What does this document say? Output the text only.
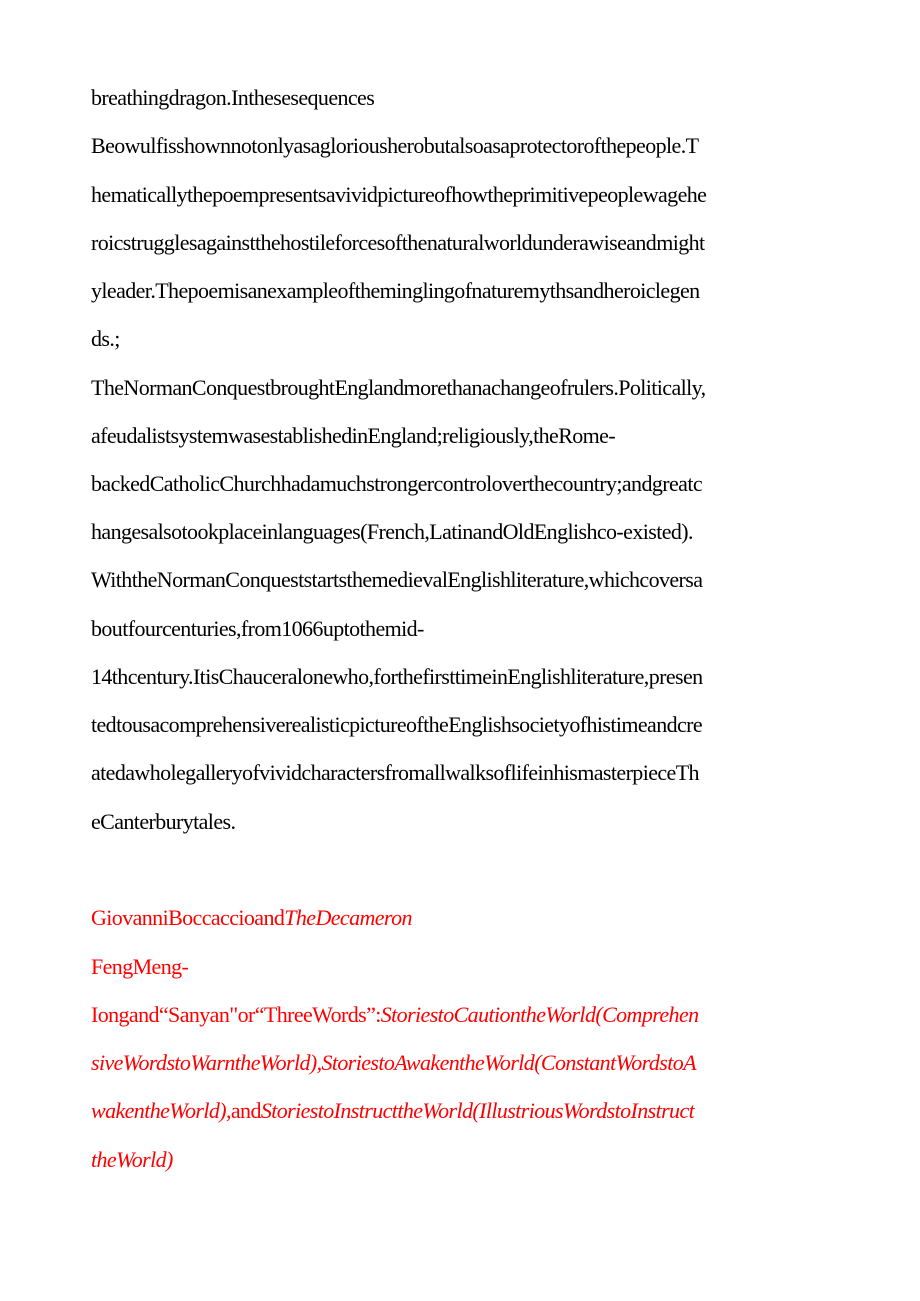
breathingdragon.Inthesesequences
Beowulfisshownnotonlyasagloriousherobutalsoasaprotectorofthepeople.T
hematicallythepoempresentsavividpictureofhowtheprimitivepeoplewagehe
roicstrugglesagainstthehostileforcesofthenaturalworldunderawiseandmight
yleader.Thepoemisanexampleoftheminglingofnaturemythsandheroiclegen
ds.;
TheNormanConquestbroughtEnglandmorethanachangeofrulers.Politically,
afeudalistsystemwasestablishedinEngland;religiously,theRome-
backedCatholicChurchhadamuchstrongercontroloverthecountry;andgreatc
hangesalsotookplaceinlanguages(French,LatinandOldEnglishco-existed).
WiththeNormanConqueststartsthemedievalEnglishliterature,whichcoversa
boutfourcenturies,from1066uptothemid-
14thcentury.ItisChauceralonewho,forthefirsttimeinEnglishliterature,presen
tedtousacomprehensiverealisticpictureoftheEnglishsocietyofhistimeandcre
atedawholegalleryofvividcharactersfromallwalksoflifeinhismasterpieceTh
eCanterburytales.
GiovanniBoccaccioandTheDecameron
FengMeng-
Iongand“Sanyan"or“ThreeWords”:StoriestoCautiontheWorld(Comprehen
siveWordstoWarntheWorld),StoriestoAwakentheWorld(ConstantWordstoA
wakentheWorld),andStoriestoInstructtheWorld(IllustriousWordstoInstruct
theWorld)
